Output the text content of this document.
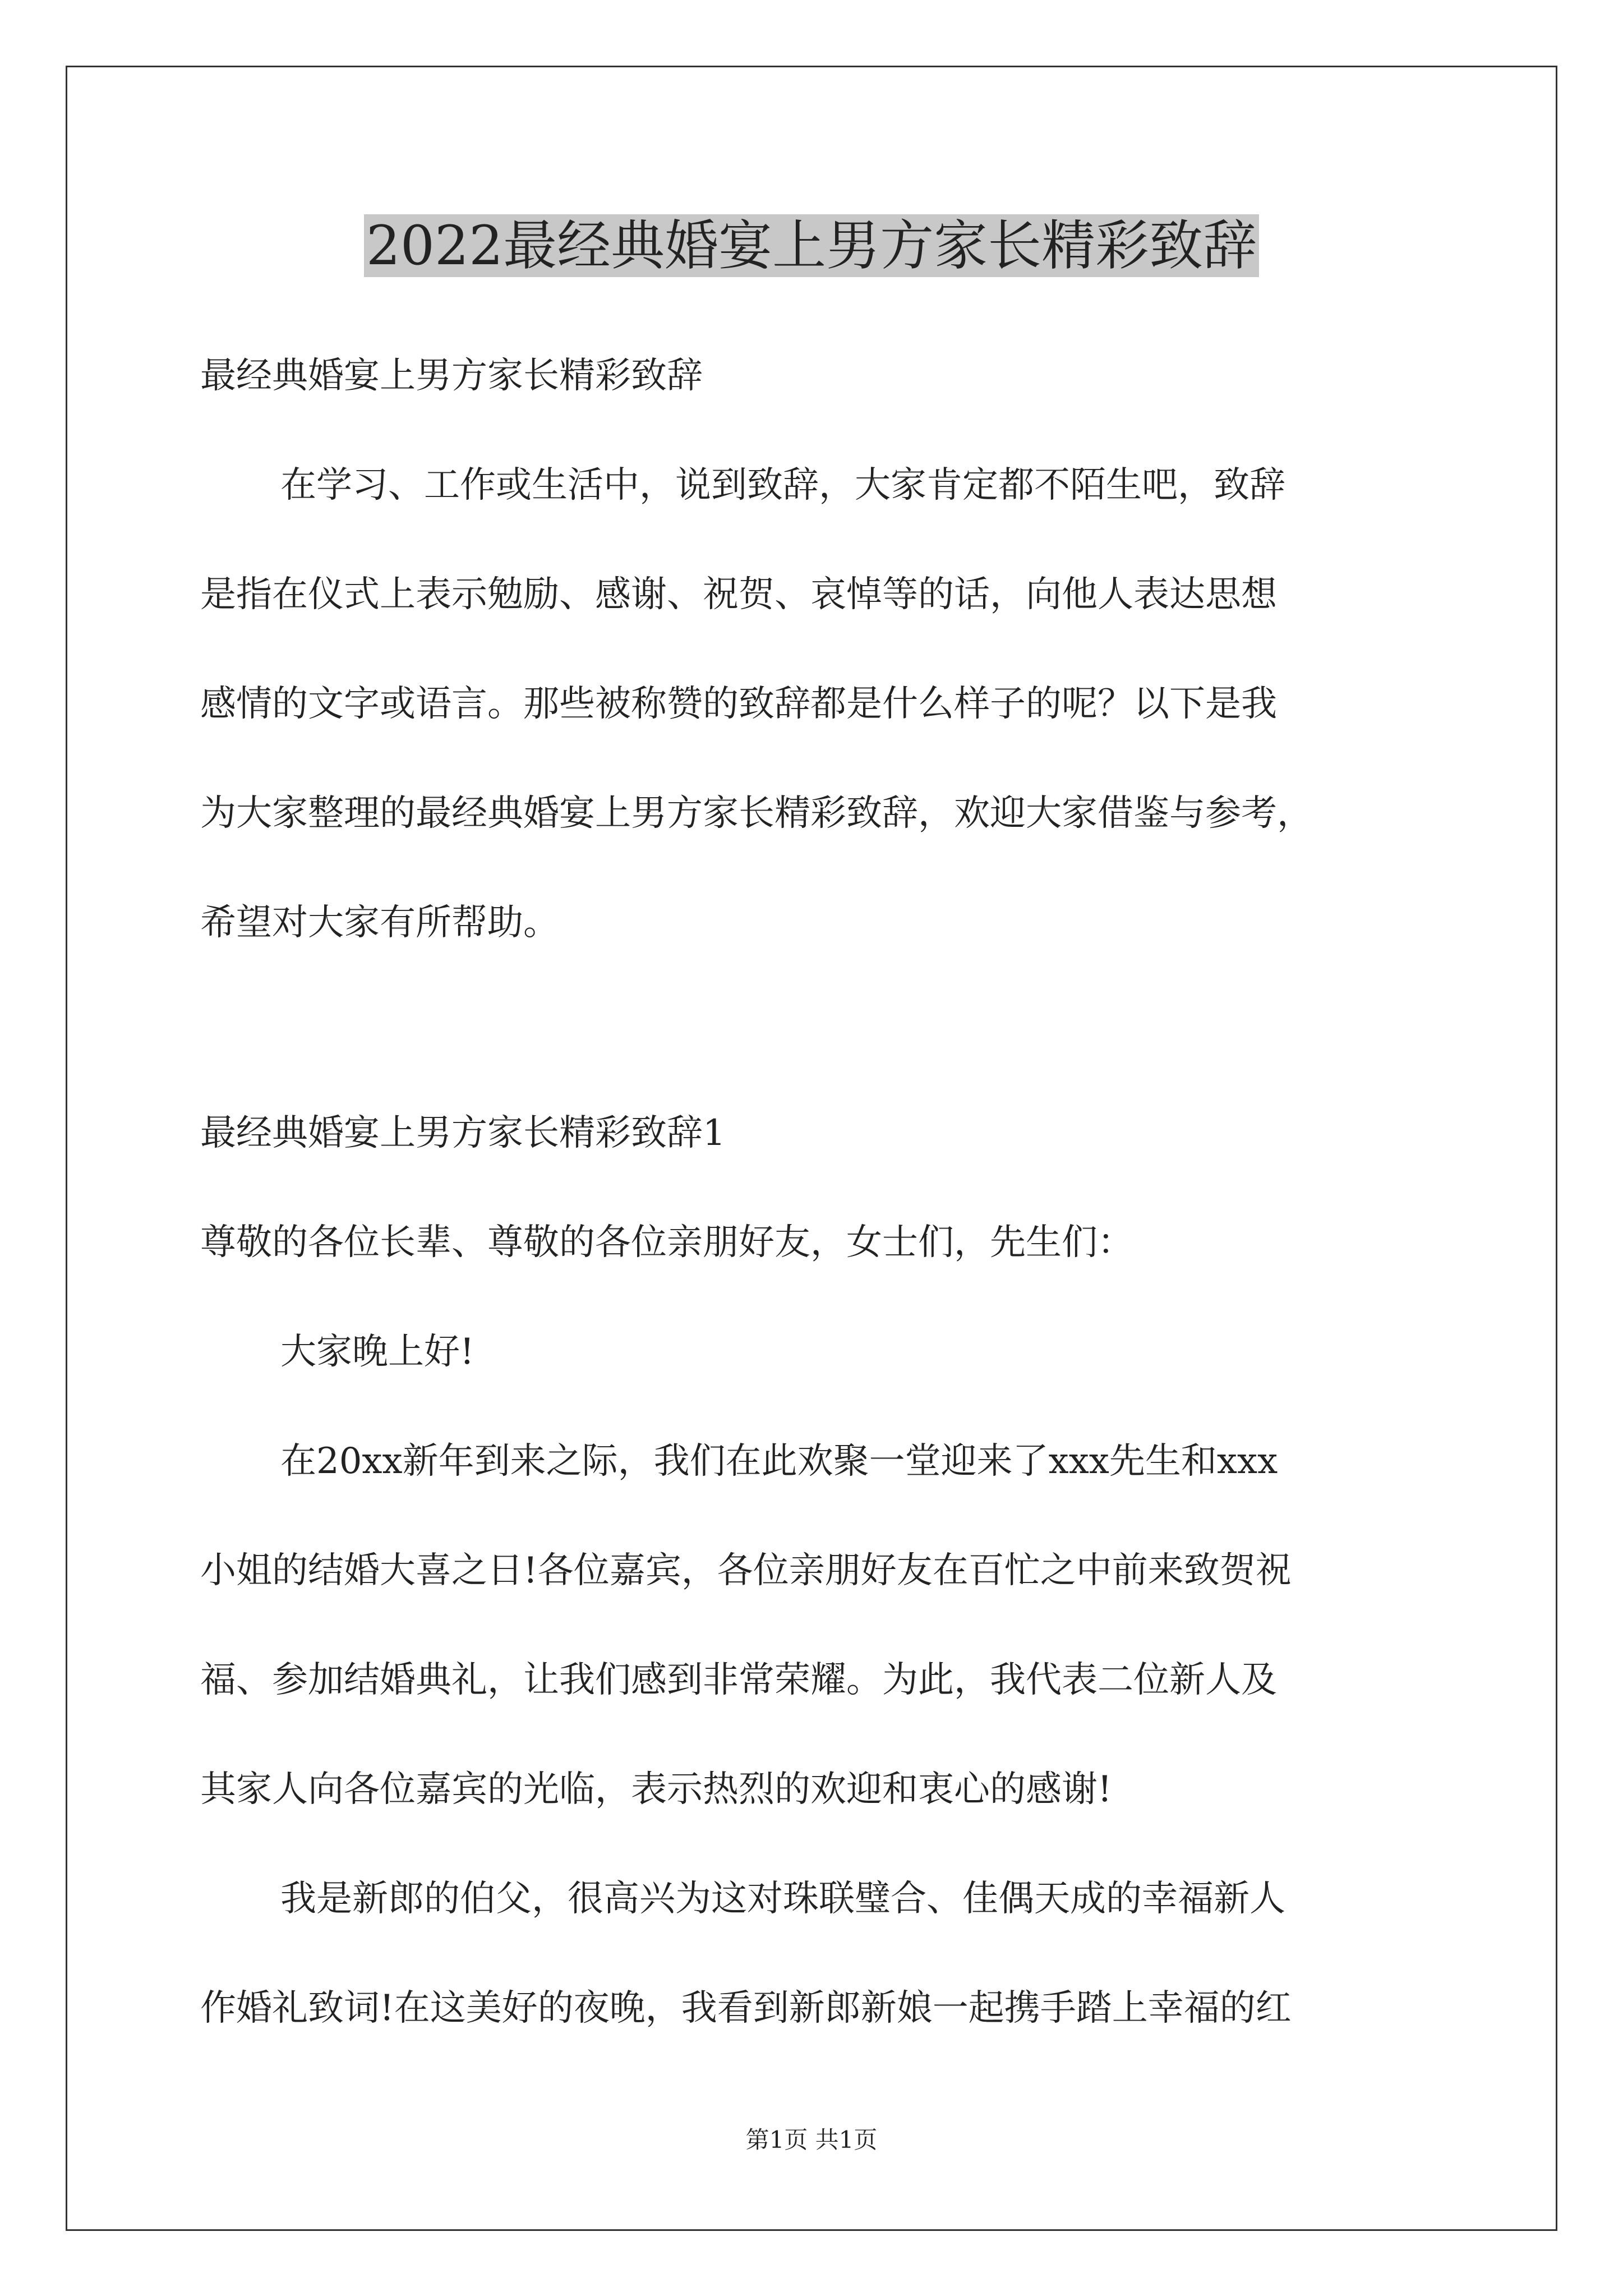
2022最经典婚宴上男方家长精彩致辞
最经典婚宴上男方家长精彩致辞
在学习、工作或生活中，说到致辞，大家肯定都不陌生吧，致辞
是指在仪式上表示勉励、感谢、祝贺、哀悼等的话，向他人表达思想
感情的文字或语言。那些被称赞的致辞都是什么样子的呢？以下是我
为大家整理的最经典婚宴上男方家长精彩致辞，欢迎大家借鉴与参考，
希望对大家有所帮助。
最经典婚宴上男方家长精彩致辞1
尊敬的各位长辈、尊敬的各位亲朋好友，女士们，先生们：
大家晚上好!
在20xx新年到来之际，我们在此欢聚一堂迎来了xxx先生和xxx
小姐的结婚大喜之日!各位嘉宾，各位亲朋好友在百忙之中前来致贺祝
福、参加结婚典礼，让我们感到非常荣耀。为此，我代表二位新人及
其家人向各位嘉宾的光临，表示热烈的欢迎和衷心的感谢!
我是新郎的伯父，很高兴为这对珠联璧合、佳偶天成的幸福新人
作婚礼致词!在这美好的夜晚，我看到新郎新娘一起携手踏上幸福的红
第1页 共1页
